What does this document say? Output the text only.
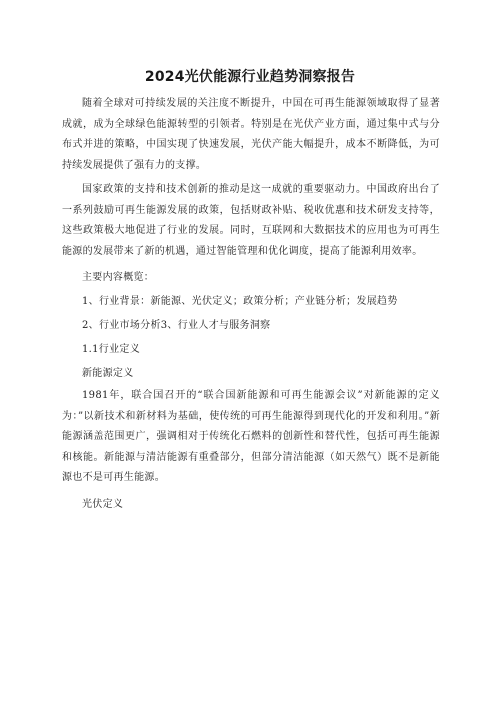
2024光伏能源行业趋势洞察报告

随着全球对可持续发展的关注度不断提升，中国在可再生能源领域取得了显著成就，成为全球绿色能源转型的引领者。特别是在光伏产业方面，通过集中式与分布式并进的策略，中国实现了快速发展，光伏产能大幅提升，成本不断降低，为可持续发展提供了强有力的支撑。

国家政策的支持和技术创新的推动是这一成就的重要驱动力。中国政府出台了一系列鼓励可再生能源发展的政策，包括财政补贴、税收优惠和技术研发支持等，这些政策极大地促进了行业的发展。同时，互联网和大数据技术的应用也为可再生能源的发展带来了新的机遇，通过智能管理和优化调度，提高了能源利用效率。

主要内容概览：

1、行业背景：新能源、光伏定义；政策分析；产业链分析；发展趋势

2、行业市场分析3、行业人才与服务洞察

1.1行业定义

新能源定义

1981年，联合国召开的“联合国新能源和可再生能源会议”对新能源的定义为：”以新技术和新材料为基础，使传统的可再生能源得到现代化的开发和利用。”新能源涵盖范围更广，强调相对于传统化石燃料的创新性和替代性，包括可再生能源和核能。新能源与清洁能源有重叠部分，但部分清洁能源（如天然气）既不是新能源也不是可再生能源。

光伏定义
